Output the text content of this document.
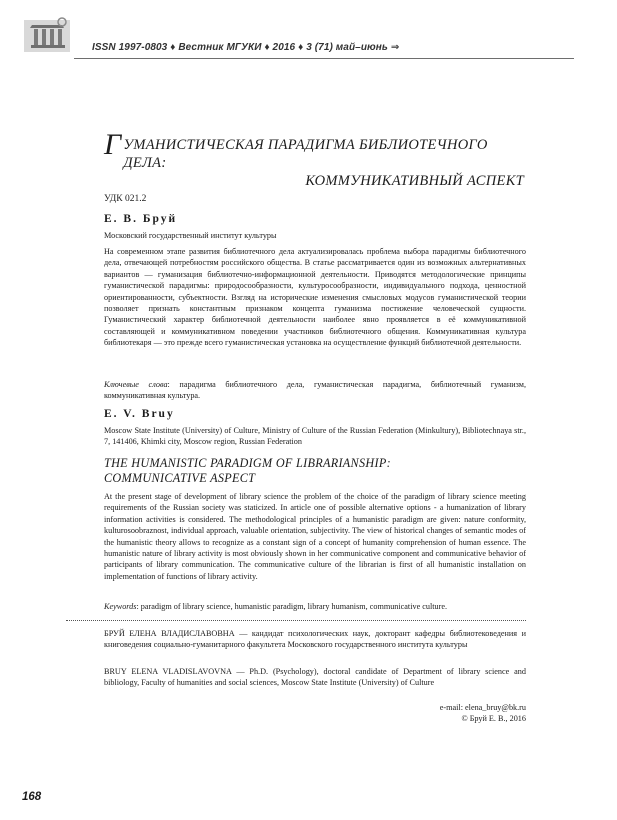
ISSN 1997-0803 ♦ Вестник МГУКИ ♦ 2016 ♦ 3 (71) май–июнь ⇒
Г УМАНИСТИЧЕСКАЯ ПАРАДИГМА БИБЛИОТЕЧНОГО ДЕЛА:
КОММУНИКАТИВНЫЙ АСПЕКТ
УДК 021.2
Е. В. Бруй
Московский государственный институт культуры
На современном этапе развития библиотечного дела актуализировалась проблема выбора парадигмы библиотечного дела, отвечающей потребностям российского общества. В статье рассматривается один из возможных альтернативных вариантов — гуманизация библиотечно-информационной деятельности. Приводятся методологические принципы гуманистической парадигмы: природосообразности, культуросообразности, индивидуального подхода, ценностной ориентированности, субъектности. Взгляд на исторические изменения смысловых модусов гуманистической теории позволяет признать константным признаком концепта гуманизма постижение человеческой сущности. Гуманистический характер библиотечной деятельности наиболее явно проявляется в её коммуникативной составляющей и коммуникативном поведении участников библиотечного общения. Коммуникативная культура библиотекаря — это прежде всего гуманистическая установка на осуществление функций библиотечной деятельности.
Ключевые слова: парадигма библиотечного дела, гуманистическая парадигма, библиотечный гуманизм, коммуникативная культура.
E. V. Bruy
Moscow State Institute (University) of Culture, Ministry of Culture of the Russian Federation (Minkultury), Bibliotechnaya str., 7, 141406, Khimki city, Moscow region, Russian Federation
THE HUMANISTIC PARADIGM OF LIBRARIANSHIP:
COMMUNICATIVE ASPECT
At the present stage of development of library science the problem of the choice of the paradigm of library science meeting requirements of the Russian society was staticized. In article one of possible alternative options - a humanization of library information activities is considered. The methodological principles of a humanistic paradigm are given: nature conformity, kulturosoobraznost, individual approach, valuable orientation, subjectivity. The view of historical changes of semantic modes of the humanistic theory allows to recognize as a constant sign of a concept of humanity comprehension of human essence. The humanistic nature of library activity is most obviously shown in her communicative component and communicative behavior of participants of library communication. The communicative culture of the librarian is first of all humanistic installation on implementation of functions of library activity.
Keywords: paradigm of library science, humanistic paradigm, library humanism, communicative culture.
БРУЙ ЕЛЕНА ВЛАДИСЛАВОВНА — кандидат психологических наук, докторант кафедры библиотековедения и книговедения социально-гуманитарного факультета Московского государственного института культуры
BRUY ELENA VLADISLAVOVNA — Ph.D. (Psychology), doctoral candidate of Department of library science and bibliology, Faculty of humanities and social sciences, Moscow State Institute (University) of Culture
e-mail: elena_bruy@bk.ru
© Бруй Е. В., 2016
168
